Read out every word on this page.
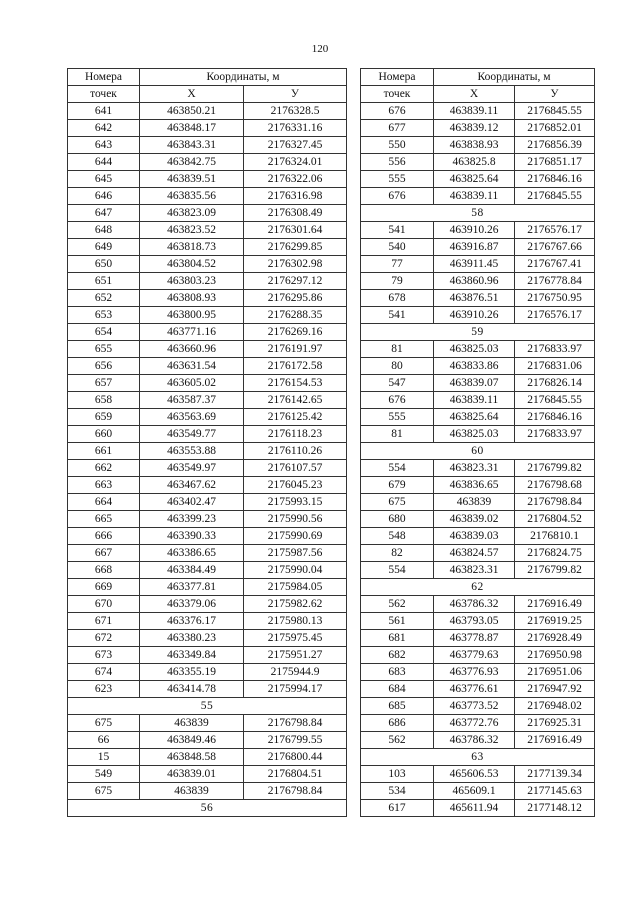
120
Номера	Координаты, м	
точек	X	У
641	463850.21	2176328.5
642	463848.17	2176331.16
643	463843.31	2176327.45
644	463842.75	2176324.01
645	463839.51	2176322.06
646	463835.56	2176316.98
647	463823.09	2176308.49
648	463823.52	2176301.64
649	463818.73	2176299.85
650	463804.52	2176302.98
651	463803.23	2176297.12
652	463808.93	2176295.86
653	463800.95	2176288.35
654	463771.16	2176269.16
655	463660.96	2176191.97
656	463631.54	2176172.58
657	463605.02	2176154.53
658	463587.37	2176142.65
659	463563.69	2176125.42
660	463549.77	2176118.23
661	463553.88	2176110.26
662	463549.97	2176107.57
663	463467.62	2176045.23
664	463402.47	2175993.15
665	463399.23	2175990.56
666	463390.33	2175990.69
667	463386.65	2175987.56
668	463384.49	2175990.04
669	463377.81	2175984.05
670	463379.06	2175982.62
671	463376.17	2175980.13
672	463380.23	2175975.45
673	463349.84	2175951.27
674	463355.19	2175944.9
623	463414.78	2175994.17
55		
675	463839	2176798.84
66	463849.46	2176799.55
15	463848.58	2176800.44
549	463839.01	2176804.51
675	463839	2176798.84
56		
Номера	Координаты, м	
точек	X	У
676	463839.11	2176845.55
677	463839.12	2176852.01
550	463838.93	2176856.39
556	463825.8	2176851.17
555	463825.64	2176846.16
676	463839.11	2176845.55
58		
541	463910.26	2176576.17
540	463916.87	2176767.66
77	463911.45	2176767.41
79	463860.96	2176778.84
678	463876.51	2176750.95
541	463910.26	2176576.17
59		
81	463825.03	2176833.97
80	463833.86	2176831.06
547	463839.07	2176826.14
676	463839.11	2176845.55
555	463825.64	2176846.16
81	463825.03	2176833.97
60		
554	463823.31	2176799.82
679	463836.65	2176798.68
675	463839	2176798.84
680	463839.02	2176804.52
548	463839.03	2176810.1
82	463824.57	2176824.75
554	463823.31	2176799.82
62		
562	463786.32	2176916.49
561	463793.05	2176919.25
681	463778.87	2176928.49
682	463779.63	2176950.98
683	463776.93	2176951.06
684	463776.61	2176947.92
685	463773.52	2176948.02
686	463772.76	2176925.31
562	463786.32	2176916.49
63		
103	465606.53	2177139.34
534	465609.1	2177145.63
617	465611.94	2177148.12
